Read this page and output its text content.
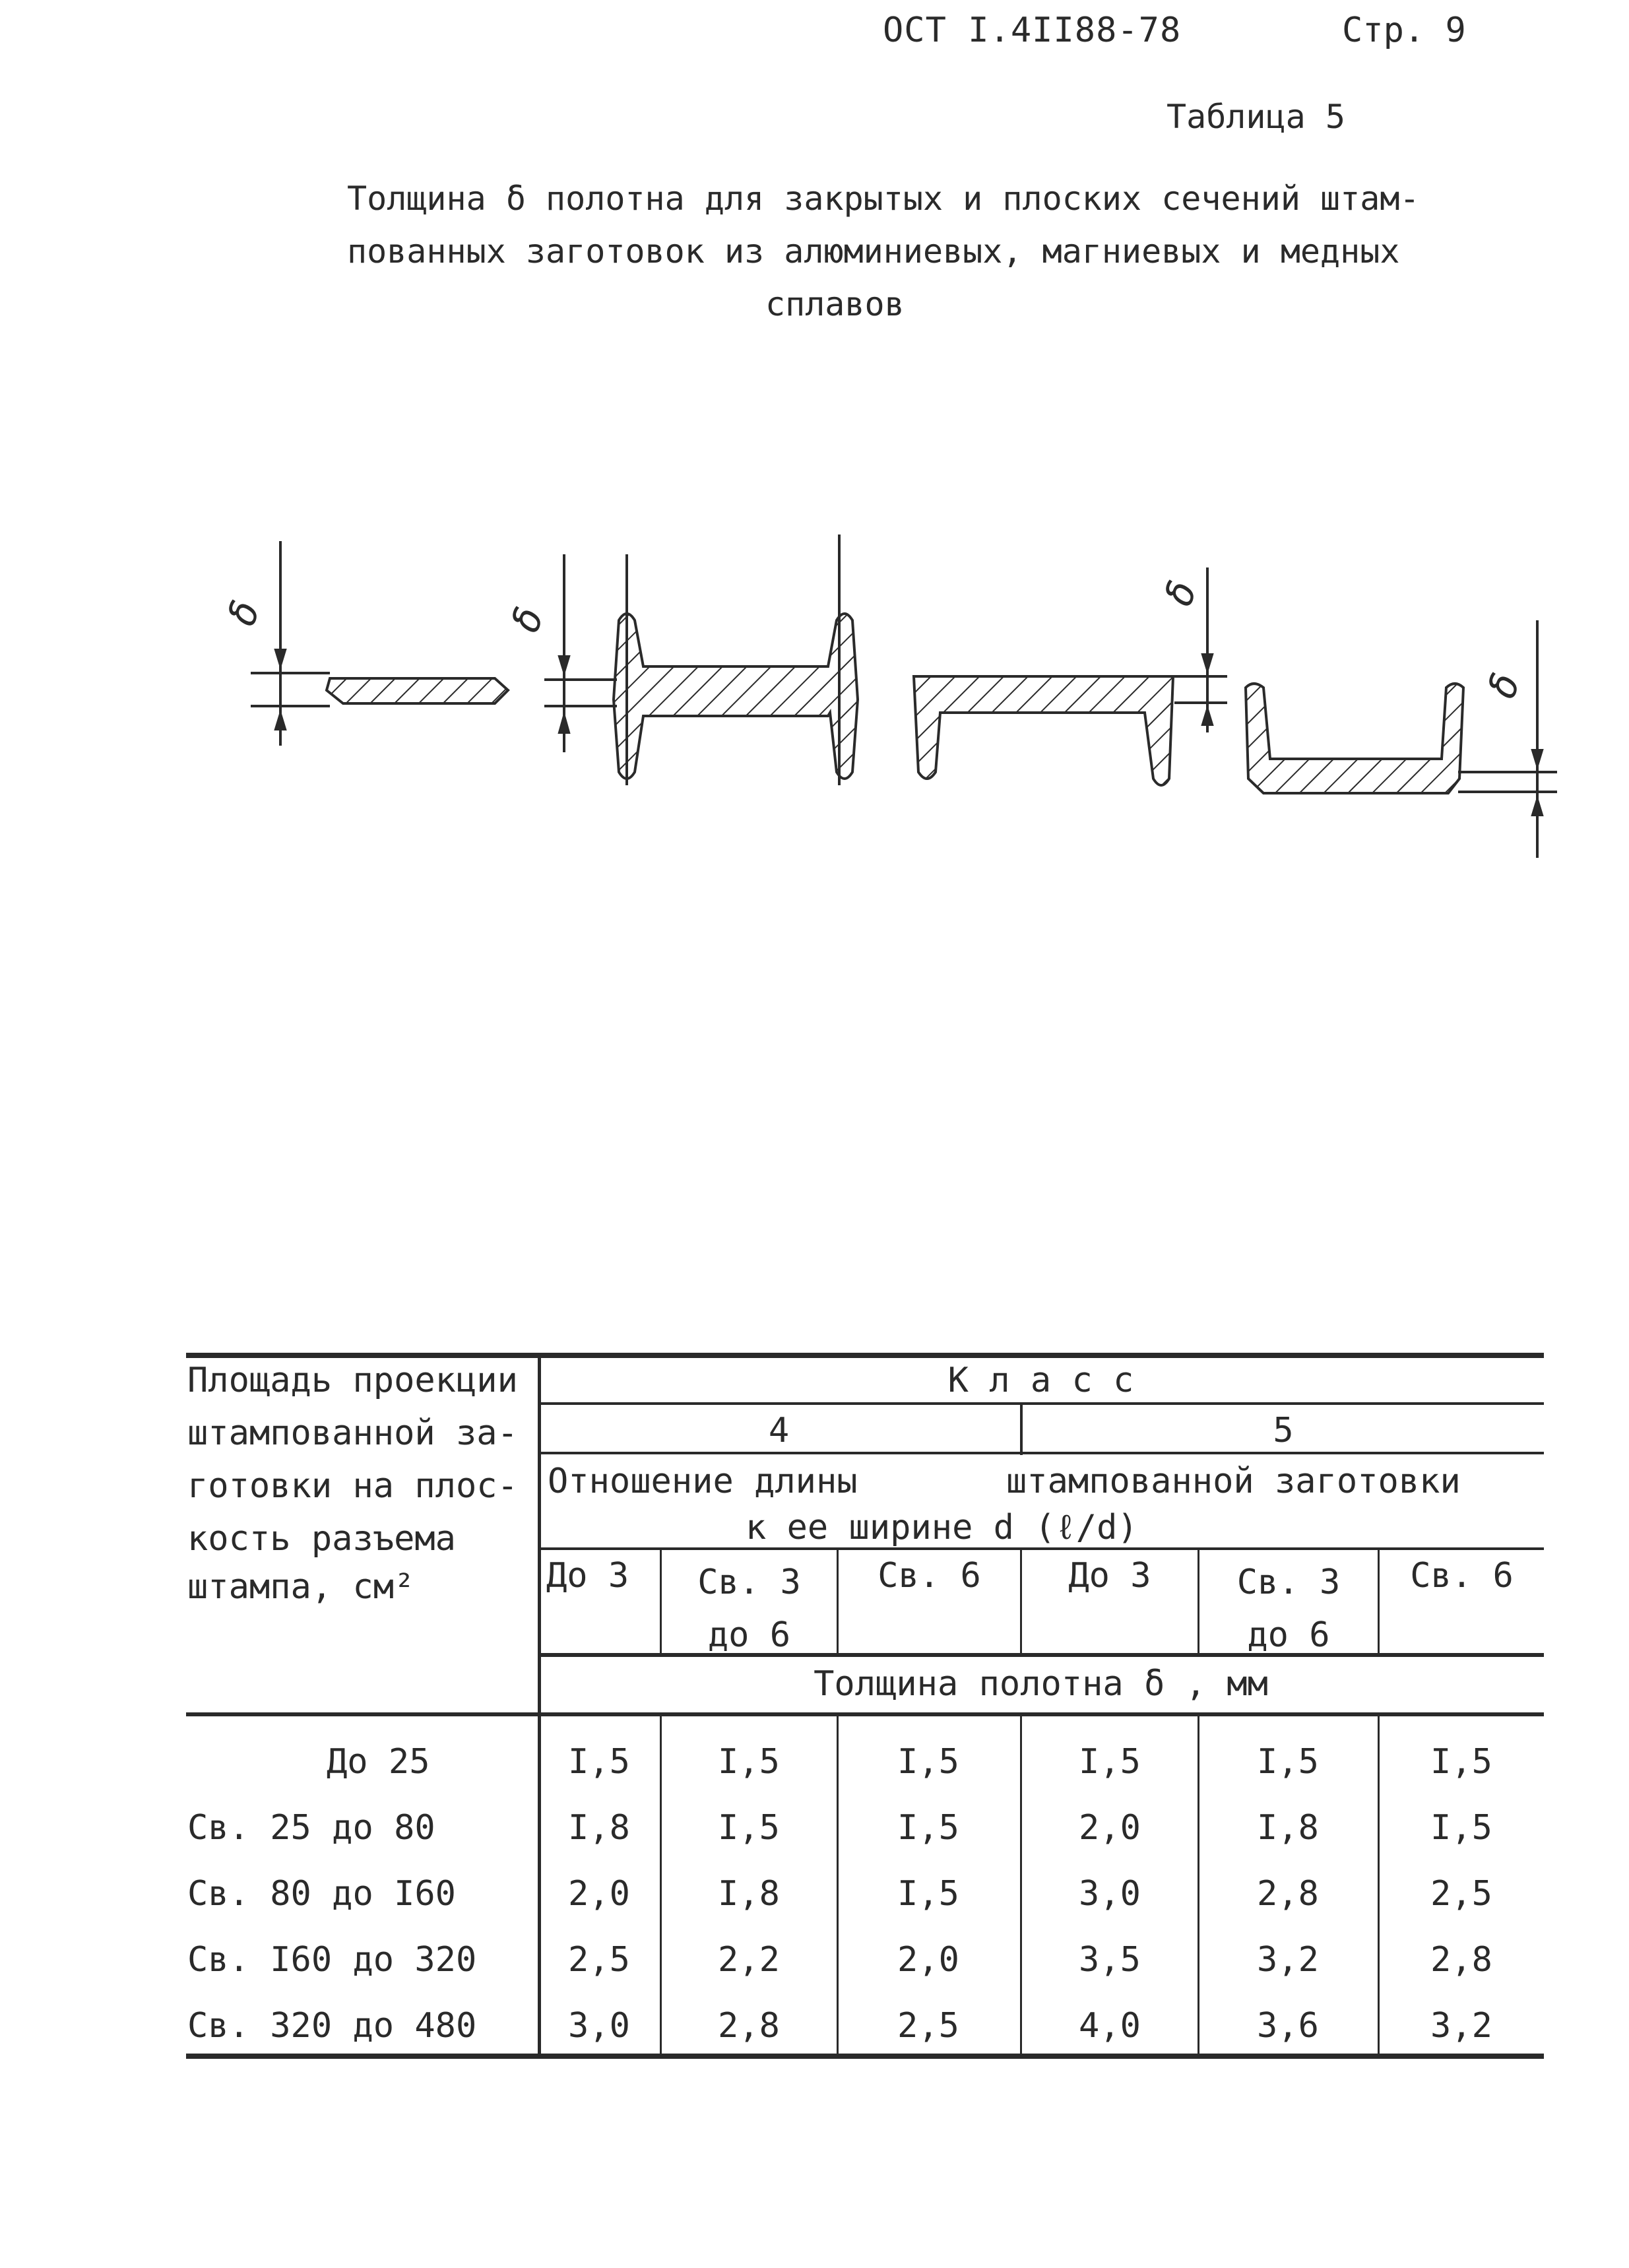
ОСТ I.4II88-78	Стр. 9
Таблица 5
Толщина δ полотна для закрытых и плоских сечений штам-
пованных заготовок из алюминиевых, магниевых и медных
сплавов
δ	δ
δ
δ
Площадь проекции
штампованной за-
готовки на плос-
кость разъема
штампа, см²
К л а с с
4	5
Отношение длины	штампованной заготовки
к ее ширине d (ℓ/d)
До 3	Св. 3
до 6
Св. 6	До 3	Св. 3
до 6
Св. 6
Толщина полотна δ , мм
До 25	I,5	I,5	I,5	I,5	I,5	I,5
Св. 25 до 80	I,8	I,5	I,5	2,0	I,8	I,5
Св. 80 до I60	2,0	I,8	I,5	3,0	2,8	2,5
Св. I60 до 320	2,5	2,2	2,0	3,5	3,2	2,8
Св. 320 до 480	3,0	2,8	2,5	4,0	3,6	3,2
